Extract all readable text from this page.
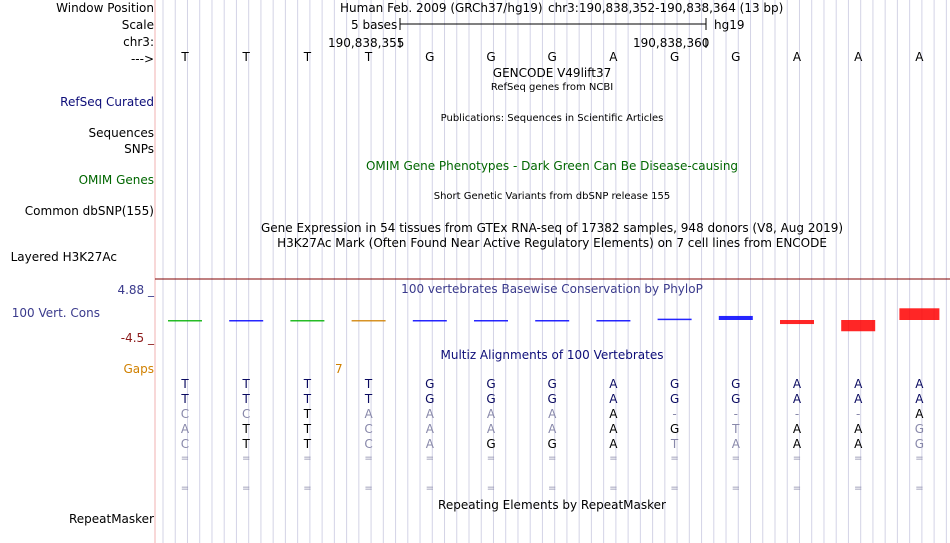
Window Position
Scale
chr3:
--->
RefSeq Curated
Sequences
SNPs
OMIM Genes
Common dbSNP(155)
Layered H3K27Ac
4.88 _
100 Vert. Cons
-4.5 _
Gaps
RepeatMasker
Human Feb. 2009 (GRCh37/hg19) chr3:190,838,352-190,838,364 (13 bp)
5 bases	hg19
190,838,355	190,838,360
GENCODE V49lift37
RefSeq genes from NCBI
Publications: Sequences in Scientific Articles
OMIM Gene Phenotypes - Dark Green Can Be Disease-causing
Short Genetic Variants from dbSNP release 155
Gene Expression in 54 tissues from GTEx RNA-seq of 17382 samples, 948 donors (V8, Aug 2019)
H3K27Ac Mark (Often Found Near Active Regulatory Elements) on 7 cell lines from ENCODE
100 vertebrates Basewise Conservation by PhyloP
Multiz Alignments of 100 Vertebrates
7
Repeating Elements by RepeatMasker
T	T	T	T	G	G	G	A	G	G	A	A	A
T	T	T	T	G	G	G	A	G	G	A	A	A
T	T	T	T	G	G	G	A	G	G	A	A	A
C	C	T	A	A	A	A	A	-	-	-	-	A
A	T	T	C	A	A	A	A	G	T	A	A	G
C	T	T	C	A	G	G	A	T	A	A	A	G
=	=	=	=	=	=	=	=	=	=	=	=	=
=	=	=	=	=	=	=	=	=	=	=	=	=
